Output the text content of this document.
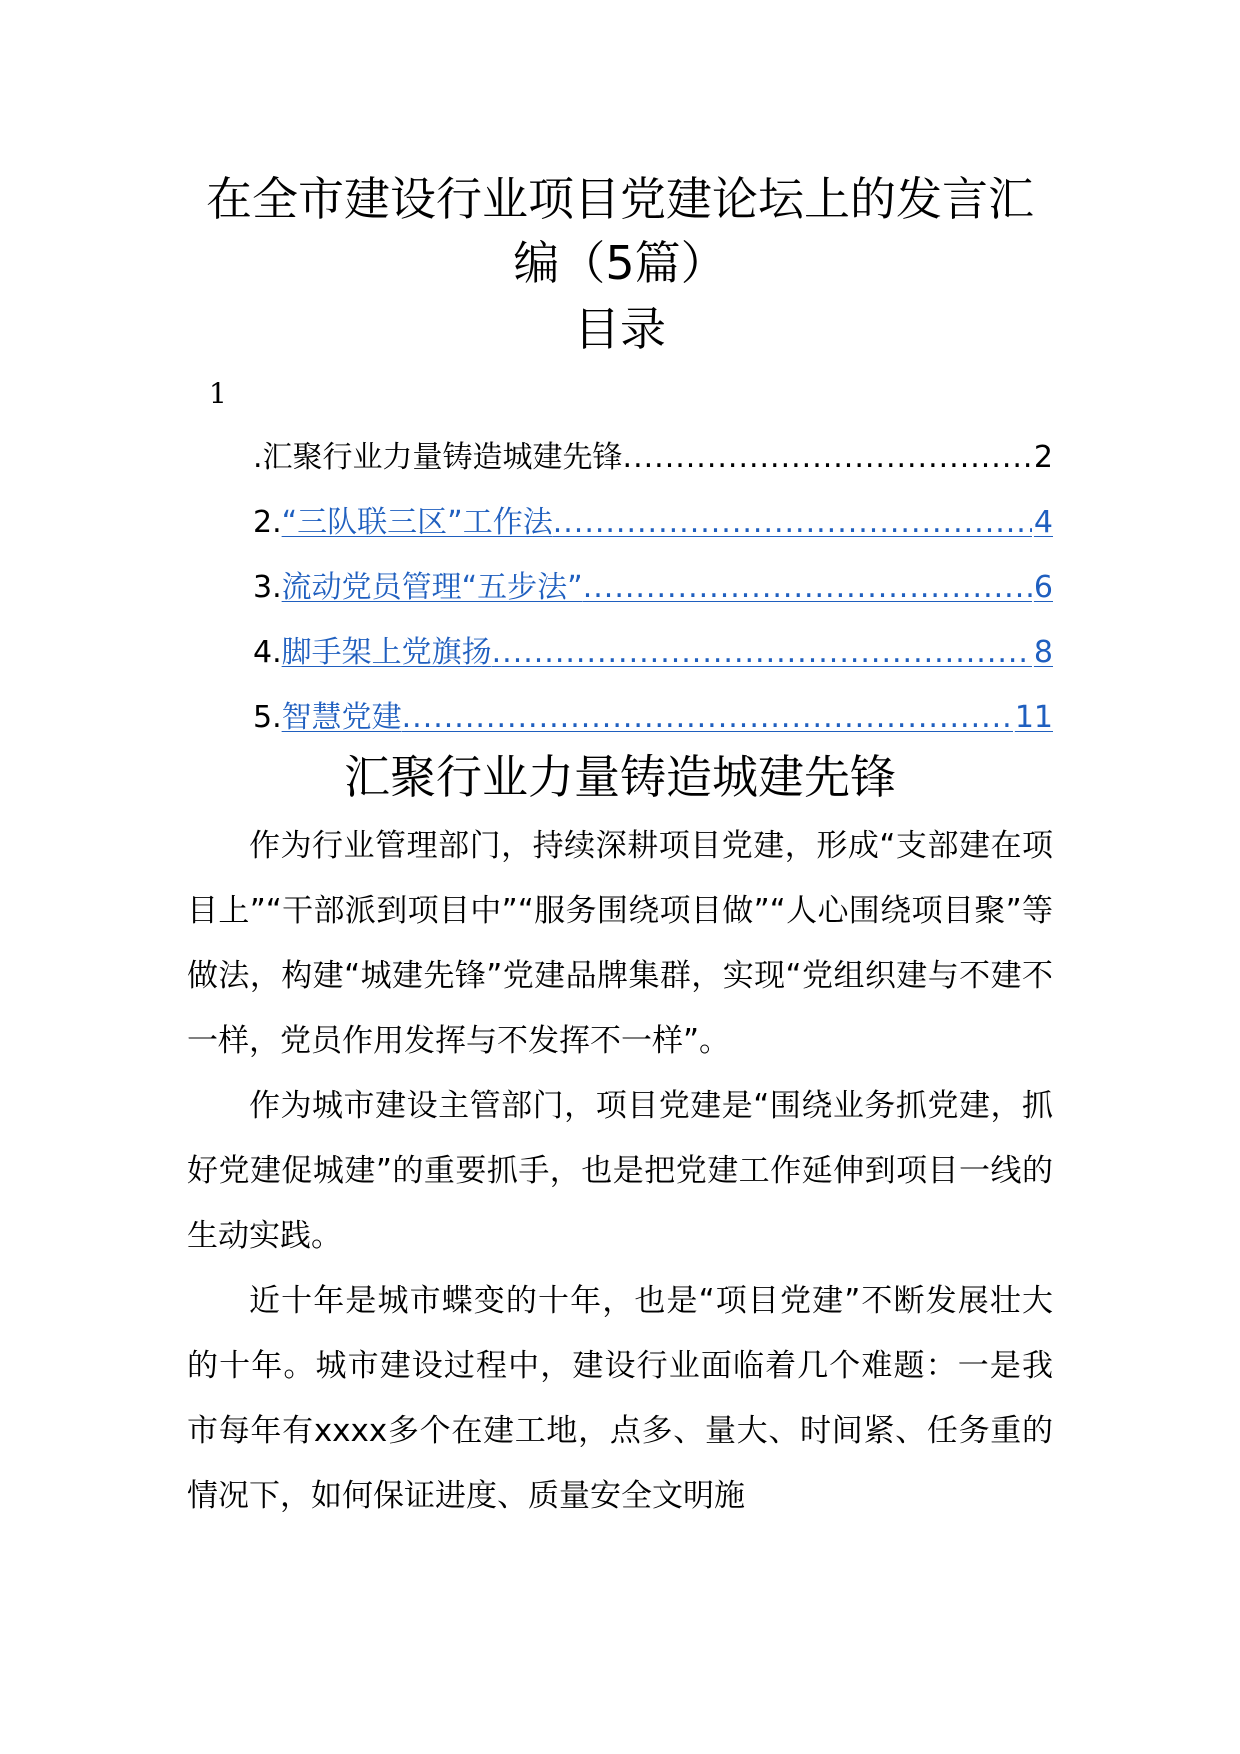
在全市建设行业项目党建论坛上的发言汇
编（5篇）
目录
1
.汇聚行业力量铸造城建先锋 .....	2
2. “三队联三区”工作法 .....	4
3. 流动党员管理“五步法” .....	6
4. 脚手架上党旗扬 .....	8
5. 智慧党建 .....	11
汇聚行业力量铸造城建先锋

作为行业管理部门，持续深耕项目党建，形成“支部建在项目上”“干部派到项目中”“服务围绕项目做”“人心围绕项目聚”等做法，构建“城建先锋”党建品牌集群，实现“党组织建与不建不一样，党员作用发挥与不发挥不一样”。

作为城市建设主管部门，项目党建是“围绕业务抓党建，抓好党建促城建”的重要抓手，也是把党建工作延伸到项目一线的生动实践。

近十年是城市蝶变的十年，也是“项目党建”不断发展壮大的十年。城市建设过程中，建设行业面临着几个难题：一是我市每年有xxxx多个在建工地，点多、量大、时间紧、任务重的情况下，如何保证进度、质量安全文明施
